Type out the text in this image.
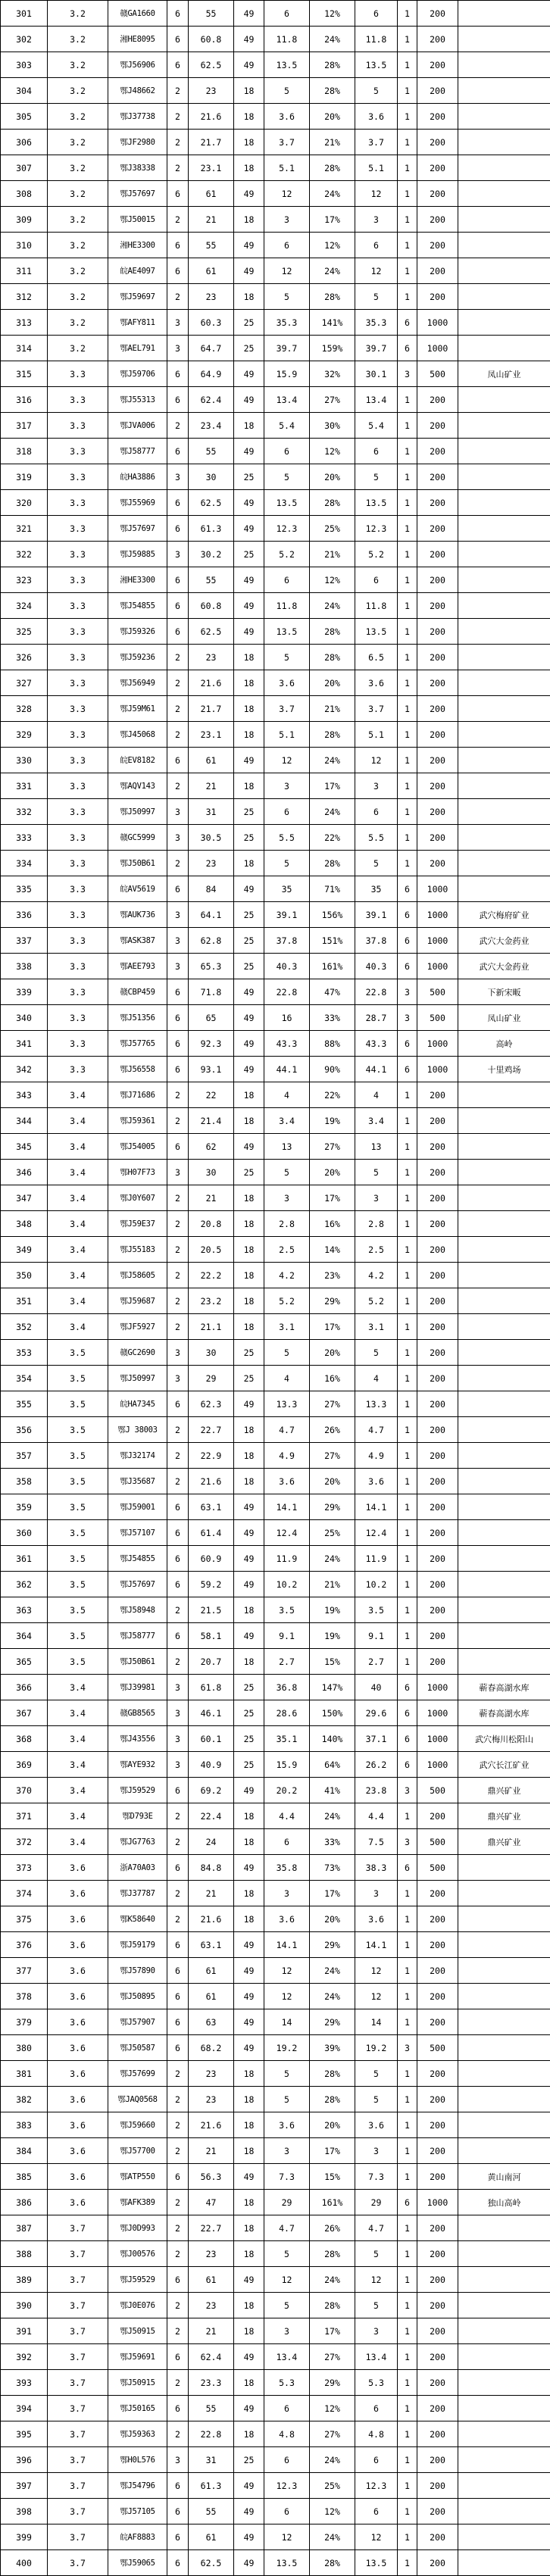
301	3.2	赣GA1660	6	55	49	6	12%	6	1	200	
302	3.2	湘HE8095	6	60.8	49	11.8	24%	11.8	1	200	
303	3.2	鄂J56906	6	62.5	49	13.5	28%	13.5	1	200	
304	3.2	鄂J48662	2	23	18	5	28%	5	1	200	
305	3.2	鄂J37738	2	21.6	18	3.6	20%	3.6	1	200	
306	3.2	鄂JF2980	2	21.7	18	3.7	21%	3.7	1	200	
307	3.2	鄂J38338	2	23.1	18	5.1	28%	5.1	1	200	
308	3.2	鄂J57697	6	61	49	12	24%	12	1	200	
309	3.2	鄂J50015	2	21	18	3	17%	3	1	200	
310	3.2	湘HE3300	6	55	49	6	12%	6	1	200	
311	3.2	皖AE4097	6	61	49	12	24%	12	1	200	
312	3.2	鄂J59697	2	23	18	5	28%	5	1	200	
313	3.2	鄂AFY811	3	60.3	25	35.3	141%	35.3	6	1000	
314	3.2	鄂AEL791	3	64.7	25	39.7	159%	39.7	6	1000	
315	3.3	鄂J59706	6	64.9	49	15.9	32%	30.1	3	500	凤山矿业
316	3.3	鄂J55313	6	62.4	49	13.4	27%	13.4	1	200	
317	3.3	鄂JVA006	2	23.4	18	5.4	30%	5.4	1	200	
318	3.3	鄂J58777	6	55	49	6	12%	6	1	200	
319	3.3	皖HA3886	3	30	25	5	20%	5	1	200	
320	3.3	鄂J55969	6	62.5	49	13.5	28%	13.5	1	200	
321	3.3	鄂J57697	6	61.3	49	12.3	25%	12.3	1	200	
322	3.3	鄂J59885	3	30.2	25	5.2	21%	5.2	1	200	
323	3.3	湘HE3300	6	55	49	6	12%	6	1	200	
324	3.3	鄂J54855	6	60.8	49	11.8	24%	11.8	1	200	
325	3.3	鄂J59326	6	62.5	49	13.5	28%	13.5	1	200	
326	3.3	鄂J59236	2	23	18	5	28%	6.5	1	200	
327	3.3	鄂J56949	2	21.6	18	3.6	20%	3.6	1	200	
328	3.3	鄂J59M61	2	21.7	18	3.7	21%	3.7	1	200	
329	3.3	鄂J45068	2	23.1	18	5.1	28%	5.1	1	200	
330	3.3	皖EV8182	6	61	49	12	24%	12	1	200	
331	3.3	鄂AQV143	2	21	18	3	17%	3	1	200	
332	3.3	鄂J50997	3	31	25	6	24%	6	1	200	
333	3.3	赣GC5999	3	30.5	25	5.5	22%	5.5	1	200	
334	3.3	鄂J50B61	2	23	18	5	28%	5	1	200	
335	3.3	皖AV5619	6	84	49	35	71%	35	6	1000	
336	3.3	鄂AUK736	3	64.1	25	39.1	156%	39.1	6	1000	武穴梅府矿业
337	3.3	鄂ASK387	3	62.8	25	37.8	151%	37.8	6	1000	武穴大金药业
338	3.3	鄂AEE793	3	65.3	25	40.3	161%	40.3	6	1000	武穴大金药业
339	3.3	赣CBP459	6	71.8	49	22.8	47%	22.8	3	500	下新宋畈
340	3.3	鄂J51356	6	65	49	16	33%	28.7	3	500	凤山矿业
341	3.3	鄂J57765	6	92.3	49	43.3	88%	43.3	6	1000	高岭
342	3.3	鄂J56558	6	93.1	49	44.1	90%	44.1	6	1000	十里鸡场
343	3.4	鄂J71686	2	22	18	4	22%	4	1	200	
344	3.4	鄂J59361	2	21.4	18	3.4	19%	3.4	1	200	
345	3.4	鄂J54005	6	62	49	13	27%	13	1	200	
346	3.4	鄂H07F73	3	30	25	5	20%	5	1	200	
347	3.4	鄂J0Y607	2	21	18	3	17%	3	1	200	
348	3.4	鄂J59E37	2	20.8	18	2.8	16%	2.8	1	200	
349	3.4	鄂J55183	2	20.5	18	2.5	14%	2.5	1	200	
350	3.4	鄂J58605	2	22.2	18	4.2	23%	4.2	1	200	
351	3.4	鄂J59687	2	23.2	18	5.2	29%	5.2	1	200	
352	3.4	鄂JF5927	2	21.1	18	3.1	17%	3.1	1	200	
353	3.5	赣GC2690	3	30	25	5	20%	5	1	200	
354	3.5	鄂J50997	3	29	25	4	16%	4	1	200	
355	3.5	皖HA7345	6	62.3	49	13.3	27%	13.3	1	200	
356	3.5	鄂J 38003	2	22.7	18	4.7	26%	4.7	1	200	
357	3.5	鄂J32174	2	22.9	18	4.9	27%	4.9	1	200	
358	3.5	鄂J35687	2	21.6	18	3.6	20%	3.6	1	200	
359	3.5	鄂J59001	6	63.1	49	14.1	29%	14.1	1	200	
360	3.5	鄂J57107	6	61.4	49	12.4	25%	12.4	1	200	
361	3.5	鄂J54855	6	60.9	49	11.9	24%	11.9	1	200	
362	3.5	鄂J57697	6	59.2	49	10.2	21%	10.2	1	200	
363	3.5	鄂J58948	2	21.5	18	3.5	19%	3.5	1	200	
364	3.5	鄂J58777	6	58.1	49	9.1	19%	9.1	1	200	
365	3.5	鄂J50B61	2	20.7	18	2.7	15%	2.7	1	200	
366	3.4	鄂J39981	3	61.8	25	36.8	147%	40	6	1000	蕲春高湖水库
367	3.4	赣GB8565	3	46.1	25	28.6	150%	29.6	6	1000	蕲春高湖水库
368	3.4	鄂J43556	3	60.1	25	35.1	140%	37.1	6	1000	武穴梅川松阳山
369	3.4	鄂AYE932	3	40.9	25	15.9	64%	26.2	6	1000	武穴长江矿业
370	3.4	鄂J59529	6	69.2	49	20.2	41%	23.8	3	500	鼎兴矿业
371	3.4	鄂D793E	2	22.4	18	4.4	24%	4.4	1	200	鼎兴矿业
372	3.4	鄂JG7763	2	24	18	6	33%	7.5	3	500	鼎兴矿业
373	3.6	浙A70A03	6	84.8	49	35.8	73%	38.3	6	500	
374	3.6	鄂J37787	2	21	18	3	17%	3	1	200	
375	3.6	鄂K58640	2	21.6	18	3.6	20%	3.6	1	200	
376	3.6	鄂J59179	6	63.1	49	14.1	29%	14.1	1	200	
377	3.6	鄂J57890	6	61	49	12	24%	12	1	200	
378	3.6	鄂J50895	6	61	49	12	24%	12	1	200	
379	3.6	鄂J57907	6	63	49	14	29%	14	1	200	
380	3.6	鄂J50587	6	68.2	49	19.2	39%	19.2	3	500	
381	3.6	鄂J57699	2	23	18	5	28%	5	1	200	
382	3.6	鄂JAQ0568	2	23	18	5	28%	5	1	200	
383	3.6	鄂J59660	2	21.6	18	3.6	20%	3.6	1	200	
384	3.6	鄂J57700	2	21	18	3	17%	3	1	200	
385	3.6	鄂ATP550	6	56.3	49	7.3	15%	7.3	1	200	黄山南河
386	3.6	鄂AFK389	2	47	18	29	161%	29	6	1000	独山高岭
387	3.7	鄂J0D993	2	22.7	18	4.7	26%	4.7	1	200	
388	3.7	鄂J00576	2	23	18	5	28%	5	1	200	
389	3.7	鄂J59529	6	61	49	12	24%	12	1	200	
390	3.7	鄂J0E076	2	23	18	5	28%	5	1	200	
391	3.7	鄂J50915	2	21	18	3	17%	3	1	200	
392	3.7	鄂J59691	6	62.4	49	13.4	27%	13.4	1	200	
393	3.7	鄂J50915	2	23.3	18	5.3	29%	5.3	1	200	
394	3.7	鄂J50165	6	55	49	6	12%	6	1	200	
395	3.7	鄂J59363	2	22.8	18	4.8	27%	4.8	1	200	
396	3.7	鄂H0L576	3	31	25	6	24%	6	1	200	
397	3.7	鄂J54796	6	61.3	49	12.3	25%	12.3	1	200	
398	3.7	鄂J57105	6	55	49	6	12%	6	1	200	
399	3.7	皖AF8883	6	61	49	12	24%	12	1	200	
400	3.7	鄂J59065	6	62.5	49	13.5	28%	13.5	1	200	
